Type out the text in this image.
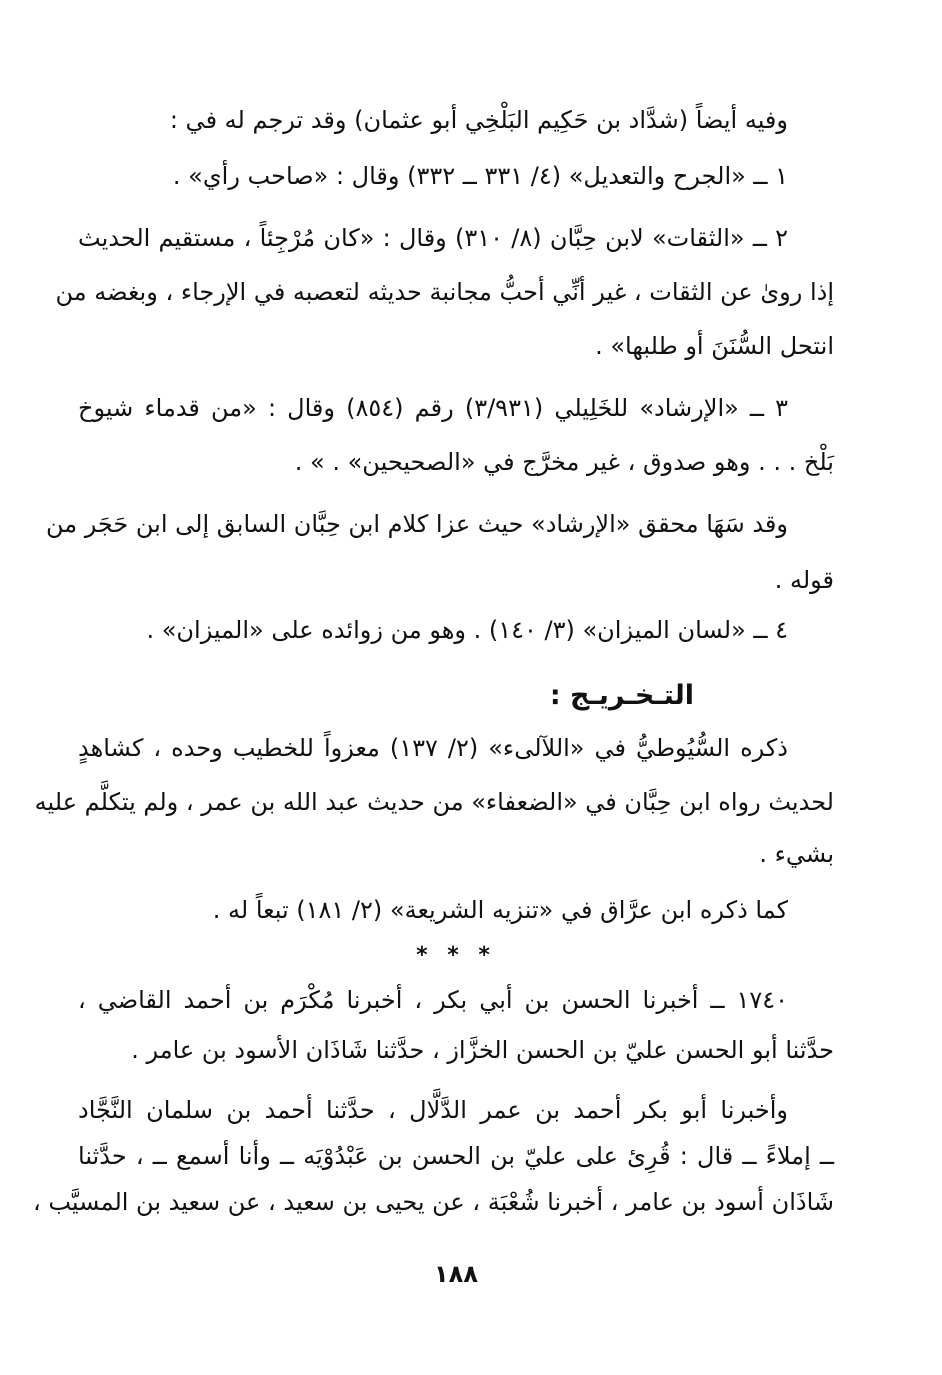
وفيه أيضاً (شدَّاد بن حَكِيم البَلْخِي أبو عثمان) وقد ترجم له في :
١ ــ «الجرح والتعديل» (٤/ ٣٣١ ــ ٣٣٢) وقال : «صاحب رأي» .
٢ ــ «الثقات» لابن حِبَّان (٨/ ٣١٠) وقال : «كان مُرْجِئاً ، مستقيم الحديث
إذا روىٰ عن الثقات ، غير أنِّي أحبُّ مجانبة حديثه لتعصبه في الإرجاء ، وبغضه من
انتحل السُّنَنَ أو طلبها» .
٣ ــ «الإرشاد» للخَلِيلي (٣/٩٣١) رقم (٨٥٤) وقال : «من قدماء شيوخ
بَلْخ . . . وهو صدوق ، غير مخرَّج في «الصحيحين» . » .
وقد سَهَا محقق «الإرشاد» حيث عزا كلام ابن حِبَّان السابق إلى ابن حَجَر من
قوله .
٤ ــ «لسان الميزان» (٣/ ١٤٠) . وهو من زوائده على «الميزان» .
التـخـريـج :
ذكره السُّيُوطيُّ في «اللآلىء» (٢/ ١٣٧) معزواً للخطيب وحده ، كشاهدٍ
لحديث رواه ابن حِبَّان في «الضعفاء» من حديث عبد الله بن عمر ، ولم يتكلَّم عليه
بشيء .
كما ذكره ابن عرَّاق في «تنزيه الشريعة» (٢/ ١٨١) تبعاً له .
* * *
١٧٤٠ ــ أخبرنا الحسن بن أبي بكر ، أخبرنا مُكْرَم بن أحمد القاضي ،
حدَّثنا أبو الحسن عليّ بن الحسن الخزَّاز ، حدَّثنا شَاذَان الأسود بن عامر .
وأخبرنا أبو بكر أحمد بن عمر الدَّلَّال ، حدَّثنا أحمد بن سلمان النَّجَّاد
ــ إملاءً ــ قال : قُرِئ على عليّ بن الحسن بن عَبْدُوْيَه ــ وأنا أسمع ــ ، حدَّثنا
شَاذَان أسود بن عامر ، أخبرنا شُعْبَة ، عن يحيى بن سعيد ، عن سعيد بن المسيَّب ،
١٨٨
